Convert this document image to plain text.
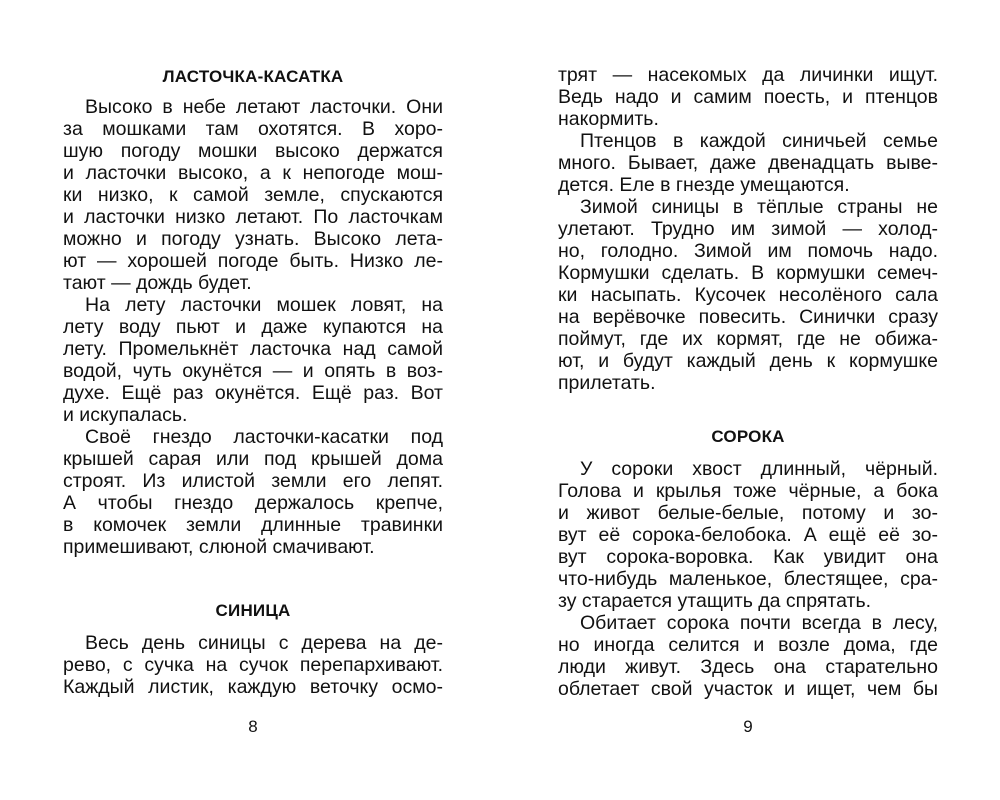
ЛАСТОЧКА-КАСАТКА
Высоко в небе летают ласточки. Они
за мошками там охотятся. В хоро-
шую погоду мошки высоко держатся
и ласточки высоко, а к непогоде мош-
ки низко, к самой земле, спускаются
и ласточки низко летают. По ласточкам
можно и погоду узнать. Высоко лета-
ют — хорошей погоде быть. Низко ле-
тают — дождь будет.
На лету ласточки мошек ловят, на
лету воду пьют и даже купаются на
лету. Промелькнёт ласточка над самой
водой, чуть окунётся — и опять в воз-
духе. Ещё раз окунётся. Ещё раз. Вот
и искупалась.
Своё гнездо ласточки-касатки под
крышей сарая или под крышей дома
строят. Из илистой земли его лепят.
А чтобы гнездо держалось крепче,
в комочек земли длинные травинки
примешивают, слюной смачивают.
СИНИЦА
Весь день синицы с дерева на де-
рево, с сучка на сучок перепархивают.
Каждый листик, каждую веточку осмо-
8
трят — насекомых да личинки ищут.
Ведь надо и самим поесть, и птенцов
накормить.
Птенцов в каждой синичьей семье
много. Бывает, даже двенадцать выве-
дется. Еле в гнезде умещаются.
Зимой синицы в тёплые страны не
улетают. Трудно им зимой — холод-
но, голодно. Зимой им помочь надо.
Кормушки сделать. В кормушки семеч-
ки насыпать. Кусочек несолёного сала
на верёвочке повесить. Синички сразу
поймут, где их кормят, где не обижа-
ют, и будут каждый день к кормушке
прилетать.
СОРОКА
У сороки хвост длинный, чёрный.
Голова и крылья тоже чёрные, а бока
и живот белые-белые, потому и зо-
вут её сорока-белобока. А ещё её зо-
вут сорока-воровка. Как увидит она
что-нибудь маленькое, блестящее, сра-
зу старается утащить да спрятать.
Обитает сорока почти всегда в лесу,
но иногда селится и возле дома, где
люди живут. Здесь она старательно
облетает свой участок и ищет, чем бы
9
